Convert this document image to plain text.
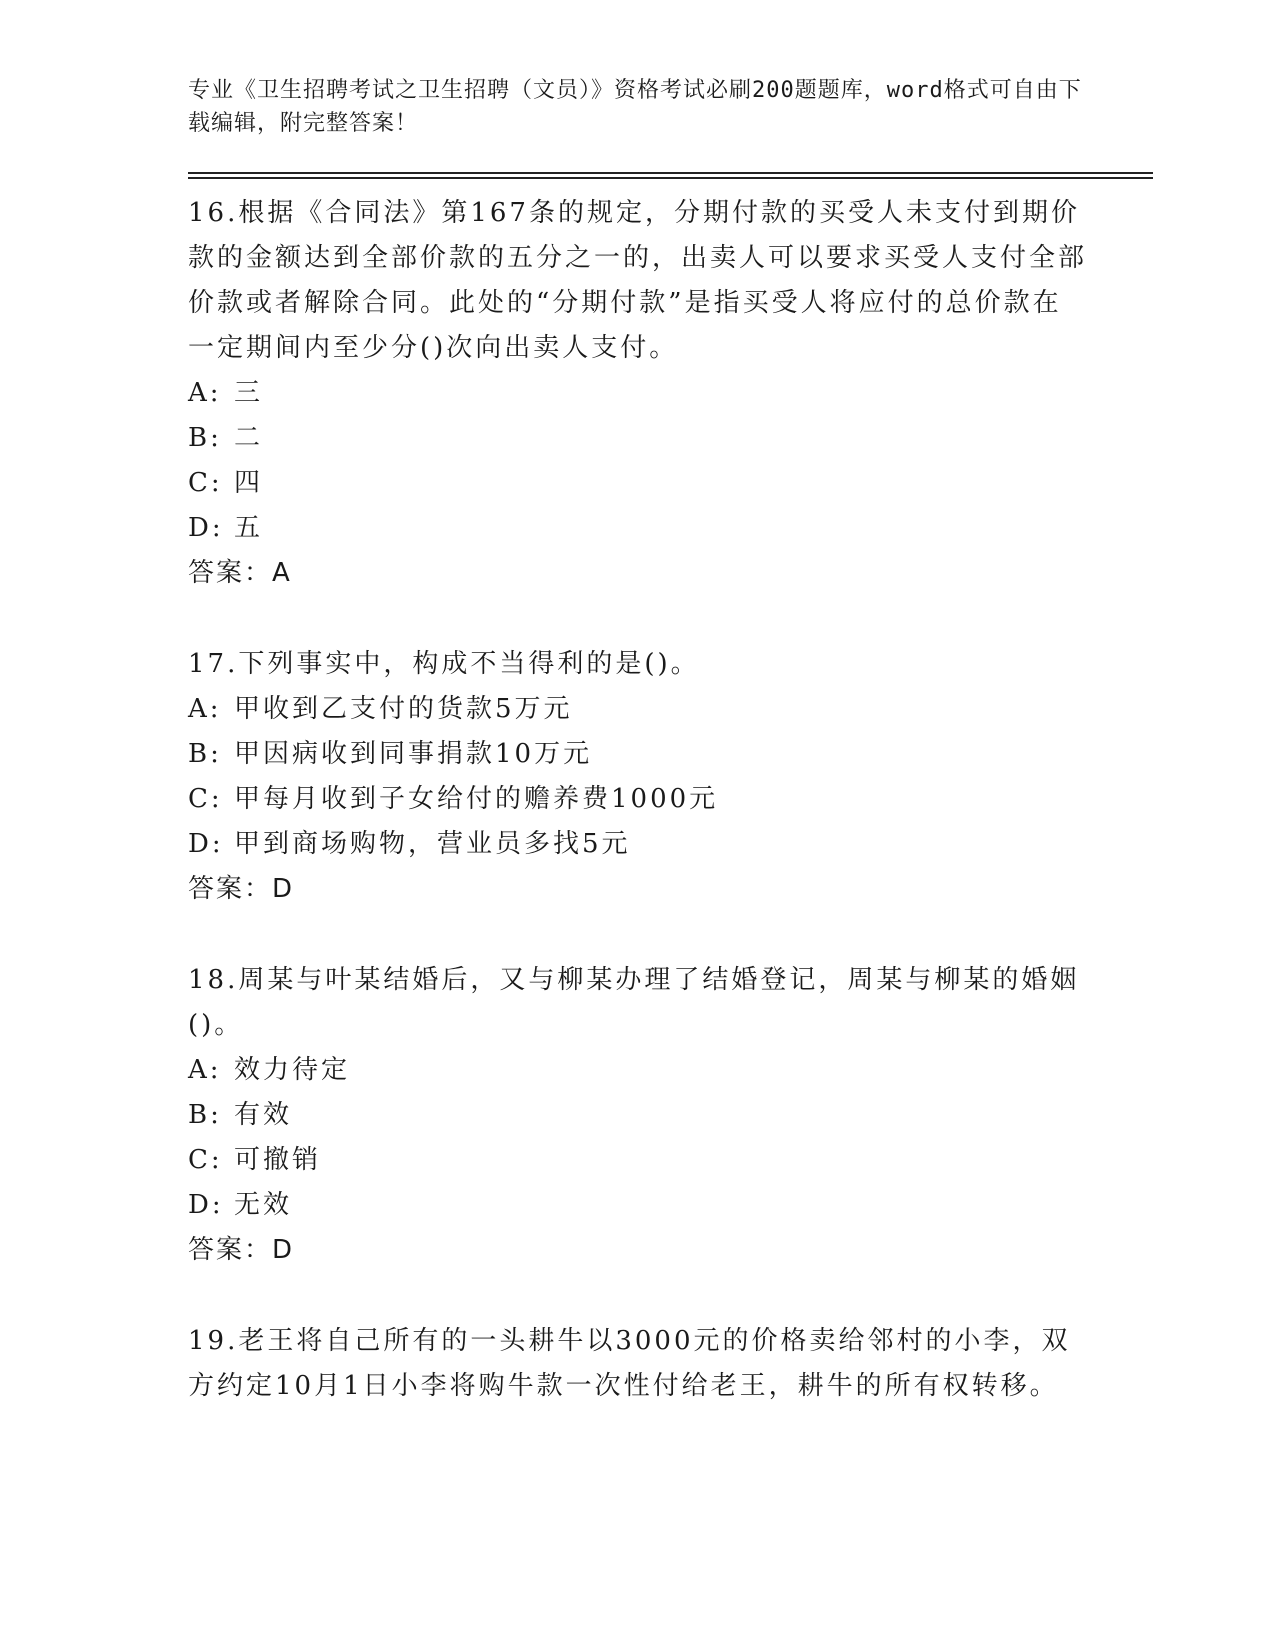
专业《卫生招聘考试之卫生招聘（文员）》资格考试必刷200题题库，word格式可自由下载编辑，附完整答案！

16.根据《合同法》第167条的规定，分期付款的买受人未支付到期价款的金额达到全部价款的五分之一的，出卖人可以要求买受人支付全部价款或者解除合同。此处的“分期付款”是指买受人将应付的总价款在一定期间内至少分()次向出卖人支付。

A: 三

B: 二

C: 四

D: 五

答案：A

17.下列事实中，构成不当得利的是()。

A: 甲收到乙支付的货款5万元

B: 甲因病收到同事捐款10万元

C: 甲每月收到子女给付的赡养费1000元

D: 甲到商场购物，营业员多找5元

答案：D

18.周某与叶某结婚后，又与柳某办理了结婚登记，周某与柳某的婚姻()。

A: 效力待定

B: 有效

C: 可撤销

D: 无效

答案：D

19.老王将自己所有的一头耕牛以3000元的价格卖给邻村的小李，双方约定10月1日小李将购牛款一次性付给老王，耕牛的所有权转移。
